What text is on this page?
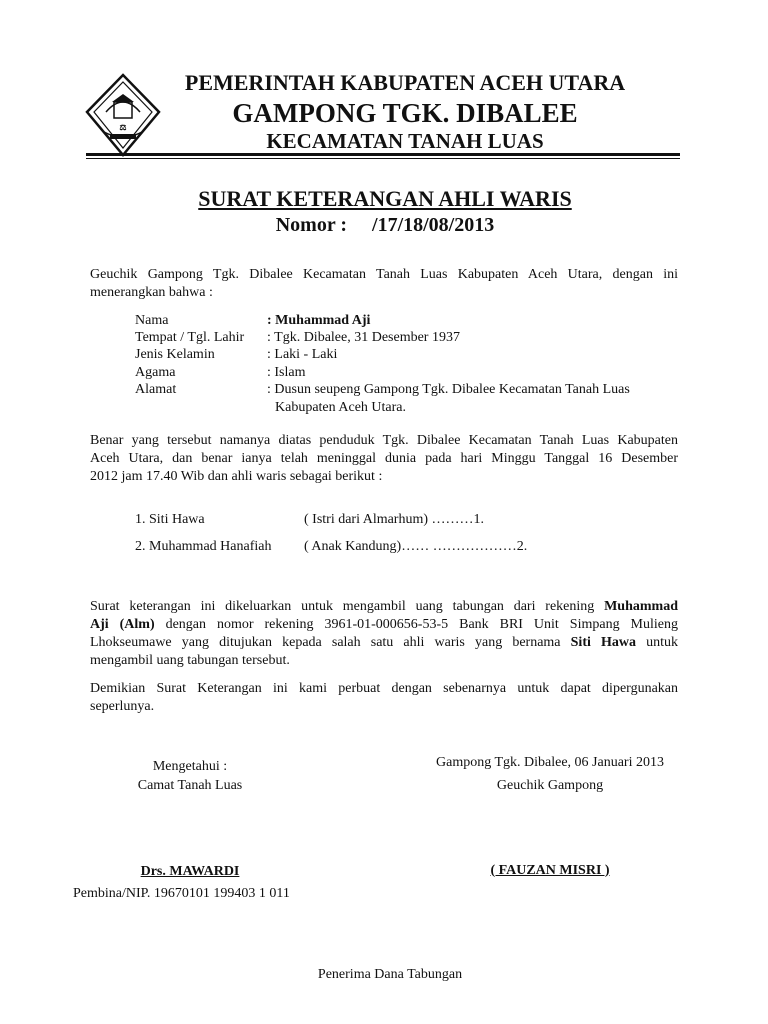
⚖
PEMERINTAH KABUPATEN ACEH UTARA
GAMPONG TGK. DIBALEE
KECAMATAN TANAH LUAS
SURAT KETERANGAN AHLI WARIS
Nomor :     /17/18/08/2013
Geuchik Gampong Tgk. Dibalee Kecamatan Tanah Luas Kabupaten Aceh Utara, dengan ini
menerangkan bahwa :
Nama	: Muhammad Aji
Tempat / Tgl. Lahir : Tgk. Dibalee, 31 Desember 1937
Jenis Kelamin	: Laki - Laki
Agama	: Islam
Alamat	: Dusun seupeng Gampong Tgk. Dibalee Kecamatan Tanah Luas
Kabupaten Aceh Utara.
Benar yang tersebut namanya diatas penduduk Tgk. Dibalee Kecamatan Tanah Luas Kabupaten
Aceh Utara, dan benar ianya telah meninggal dunia pada hari Minggu Tanggal 16 Desember
2012 jam 17.40 Wib dan ahli waris sebagai berikut :
1. Siti Hawa	( Istri dari Almarhum) ………1.
2. Muhammad Hanafiah ( Anak Kandung)…… ………………2.
Surat keterangan ini dikeluarkan untuk mengambil uang tabungan dari rekening Muhammad
Aji (Alm) dengan nomor rekening 3961-01-000656-53-5 Bank BRI Unit Simpang Mulieng
Lhokseumawe yang ditujukan kepada salah satu ahli waris yang bernama Siti Hawa untuk
mengambil uang tabungan tersebut.
Demikian Surat Keterangan ini kami perbuat dengan sebenarnya untuk dapat dipergunakan
seperlunya.
Mengetahui :
Camat Tanah Luas
Gampong Tgk. Dibalee, 06 Januari 2013
Geuchik Gampong
Drs. MAWARDI
Pembina/NIP. 19670101 199403 1 011
( FAUZAN MISRI )
Penerima Dana Tabungan
